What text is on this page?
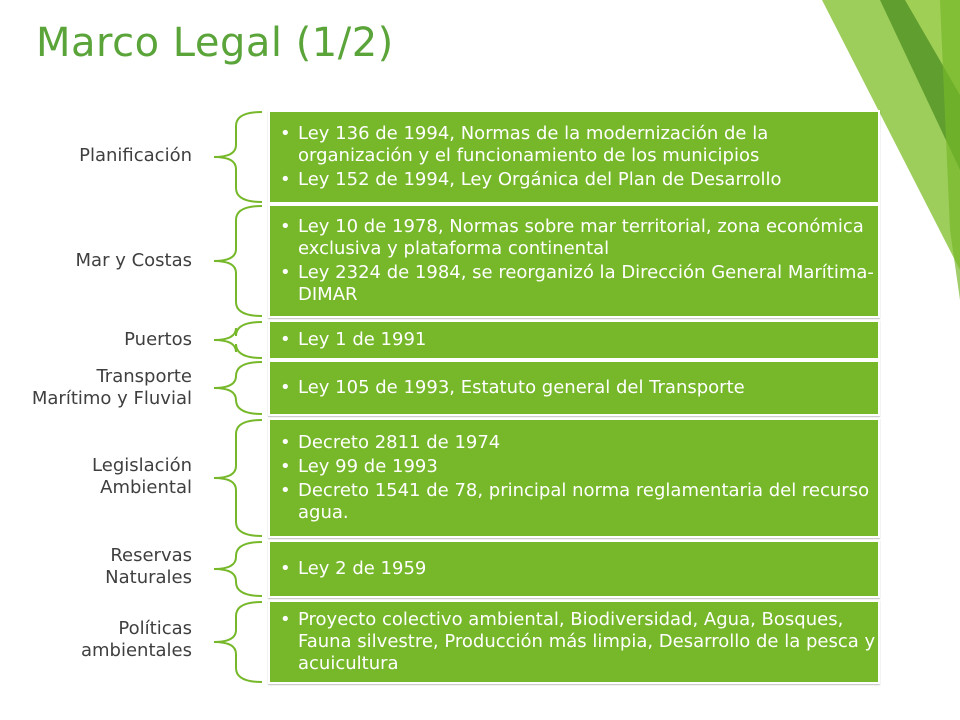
Marco Legal (1/2)
Planificación
• Ley 136 de 1994, Normas de la modernización de la organización y el funcionamiento de los municipios
• Ley 152 de 1994, Ley Orgánica del Plan de Desarrollo
Mar y Costas
• Ley 10 de 1978, Normas sobre mar territorial, zona económica exclusiva y plataforma continental
• Ley 2324 de 1984, se reorganizó la Dirección General Marítima- DIMAR
Puertos	• Ley 1 de 1991
Transporte
Marítimo y Fluvial
• Ley 105 de 1993, Estatuto general del Transporte
Legislación
Ambiental
• Decreto 2811 de 1974
• Ley 99 de 1993
• Decreto 1541 de 78, principal norma reglamentaria del recurso agua.
Reservas
Naturales	• Ley 2 de 1959
Políticas
ambientales
• Proyecto colectivo ambiental, Biodiversidad, Agua, Bosques, Fauna silvestre, Producción más limpia, Desarrollo de la pesca y acuicultura
